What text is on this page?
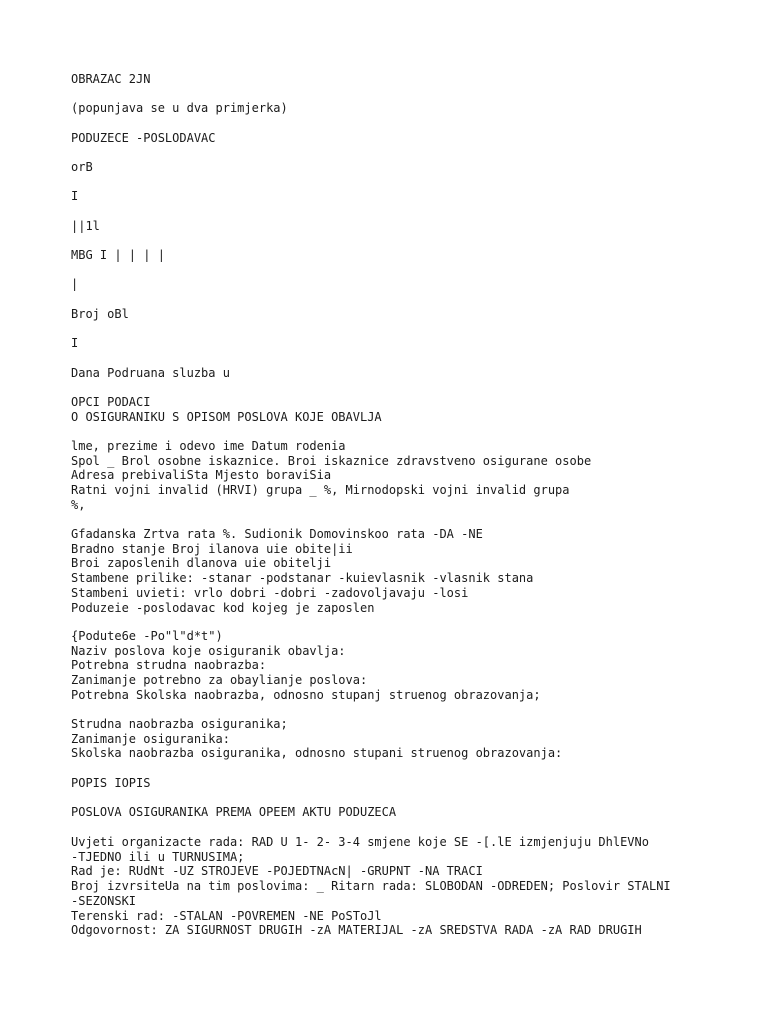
OBRAZAC 2JN
(popunjava se u dva primjerka)
PODUZECE -POSLODAVAC
orB
I
||1l
MBG I | | | |
|
Broj oBl
I
Dana Podruana sluzba u
OPCI PODACI
O OSIGURANIKU S OPISOM POSLOVA KOJE OBAVLJA
lme, prezime i odevo ime Datum rodenia
Spol _ Brol osobne iskaznice. Broi iskaznice zdravstveno osigurane osobe
Adresa prebivaliSta Mjesto boraviSia
Ratni vojni invalid (HRVI) grupa _ %, Mirnodopski vojni invalid grupa
%,
Gfadanska Zrtva rata %. Sudionik Domovinskoo rata -DA -NE
Bradno stanje Broj ilanova uie obite|ii
Broi zaposlenih dlanova uie obitelji
Stambene prilike: -stanar -podstanar -kuievlasnik -vlasnik stana
Stambeni uvieti: vrlo dobri -dobri -zadovoljavaju -losi
Poduzeie -poslodavac kod kojeg je zaposlen
{Podute6e -Po"l"d*t")
Naziv poslova koje osiguranik obavlja:
Potrebna strudna naobrazba:
Zanimanje potrebno za obaylianje poslova:
Potrebna Skolska naobrazba, odnosno stupanj struenog obrazovanja;
Strudna naobrazba osiguranika;
Zanimanje osiguranika:
Skolska naobrazba osiguranika, odnosno stupani struenog obrazovanja:
POPIS IOPIS
POSLOVA OSIGURANIKA PREMA OPEEM AKTU PODUZECA
Uvjeti organizacte rada: RAD U 1- 2- 3-4 smjene koje SE -[.lE izmjenjuju DhlEVNo
-TJEDNO ili u TURNUSIMA;
Rad je: RUdNt -UZ STROJEVE -POJEDTNAcN| -GRUPNT -NA TRACI
Broj izvrsiteUa na tim poslovima: _ Ritarn rada: SLOBODAN -ODREDEN; Poslovir STALNI
-SEZONSKI
Terenski rad: -STALAN -POVREMEN -NE PoSToJl
Odgovornost: ZA SIGURNOST DRUGIH -zA MATERIJAL -zA SREDSTVA RADA -zA RAD DRUGIH
